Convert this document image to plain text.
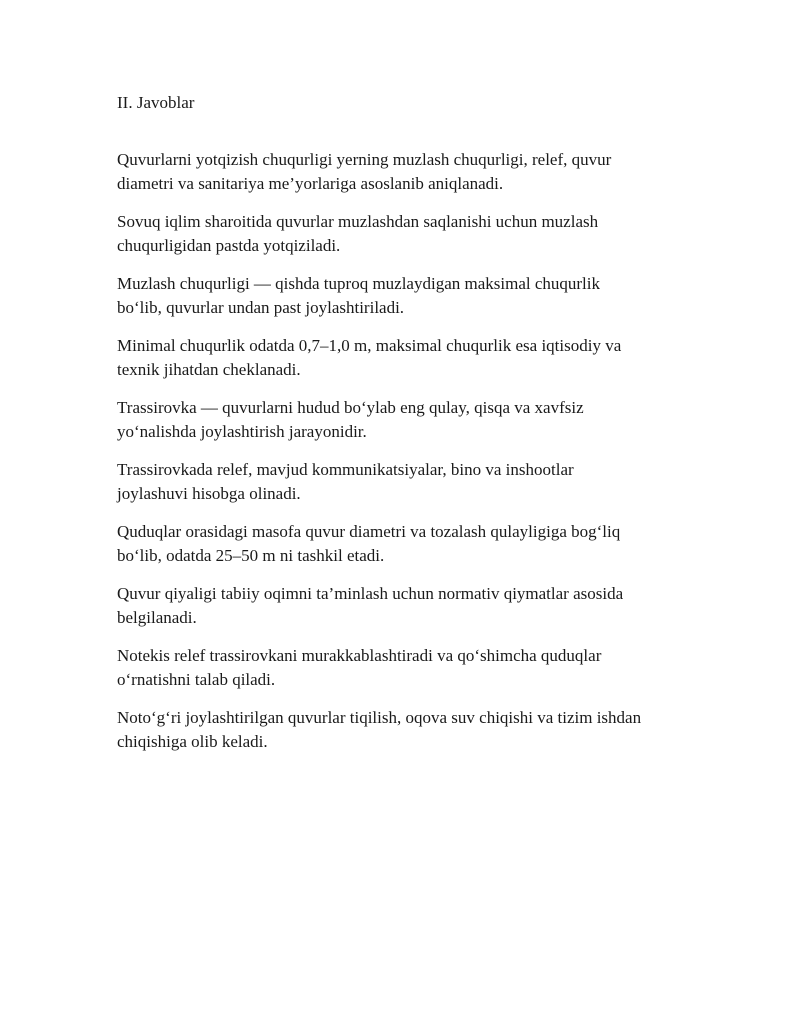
II. Javoblar

Quvurlarni yotqizish chuqurligi yerning muzlash chuqurligi, relef, quvur
diametri va sanitariya me’yorlariga asoslanib aniqlanadi.

Sovuq iqlim sharoitida quvurlar muzlashdan saqlanishi uchun muzlash
chuqurligidan pastda yotqiziladi.

Muzlash chuqurligi — qishda tuproq muzlaydigan maksimal chuqurlik
bo‘lib, quvurlar undan past joylashtiriladi.

Minimal chuqurlik odatda 0,7–1,0 m, maksimal chuqurlik esa iqtisodiy va
texnik jihatdan cheklanadi.

Trassirovka — quvurlarni hudud bo‘ylab eng qulay, qisqa va xavfsiz
yo‘nalishda joylashtirish jarayonidir.

Trassirovkada relef, mavjud kommunikatsiyalar, bino va inshootlar
joylashuvi hisobga olinadi.

Quduqlar orasidagi masofa quvur diametri va tozalash qulayligiga bog‘liq
bo‘lib, odatda 25–50 m ni tashkil etadi.

Quvur qiyaligi tabiiy oqimni ta’minlash uchun normativ qiymatlar asosida
belgilanadi.

Notekis relef trassirovkani murakkablashtiradi va qo‘shimcha quduqlar
o‘rnatishni talab qiladi.

Noto‘g‘ri joylashtirilgan quvurlar tiqilish, oqova suv chiqishi va tizim ishdan
chiqishiga olib keladi.
